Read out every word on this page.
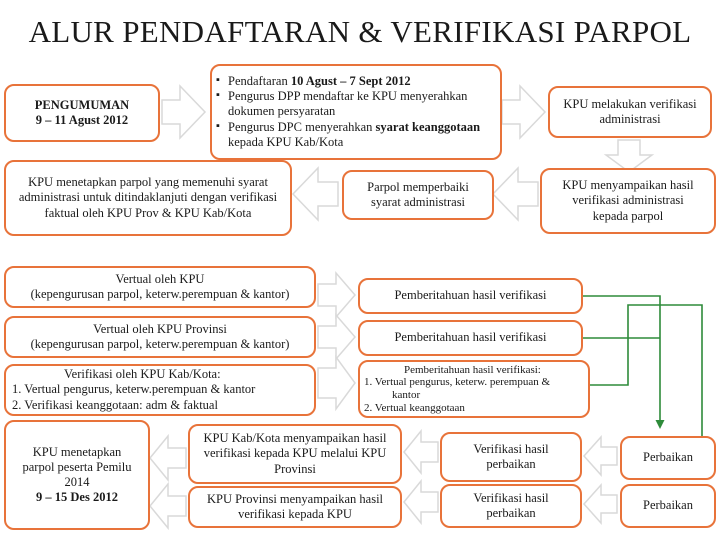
ALUR PENDAFTARAN & VERIFIKASI PARPOL
PENGUMUMAN
9 – 11 Agust 2012
▪ Pendaftaran 10 Agust – 7 Sept 2012
▪ Pengurus DPP mendaftar ke KPU menyerahkan dokumen persyaratan
▪ Pengurus DPC menyerahkan syarat keanggotaan kepada KPU Kab/Kota
KPU melakukan verifikasi administrasi
KPU menetapkan parpol yang memenuhi syarat administrasi untuk ditindaklanjuti dengan verifikasi faktual oleh KPU Prov & KPU Kab/Kota
Parpol memperbaiki syarat administrasi
KPU menyampaikan hasil verifikasi administrasi kepada parpol
Vertual oleh KPU
(kepengurusan parpol, keterw.perempuan & kantor)	Pemberitahuan hasil verifikasi
Vertual oleh KPU Provinsi
(kepengurusan parpol, keterw.perempuan & kantor)	Pemberitahuan hasil verifikasi
Verifikasi oleh KPU Kab/Kota:
1. Vertual pengurus, keterw.perempuan & kantor
2. Verifikasi keanggotaan: adm & faktual
Pemberitahuan hasil verifikasi:
1. Vertual pengurus, keterw. perempuan &
kantor
2. Vertual keanggotaan
KPU menetapkan parpol peserta Pemilu 2014
9 – 15 Des 2012
KPU Kab/Kota menyampaikan hasil verifikasi kepada KPU melalui KPU Provinsi
KPU Provinsi menyampaikan hasil verifikasi kepada KPU
Verifikasi hasil perbaikan
Verifikasi hasil perbaikan
Perbaikan
Perbaikan
